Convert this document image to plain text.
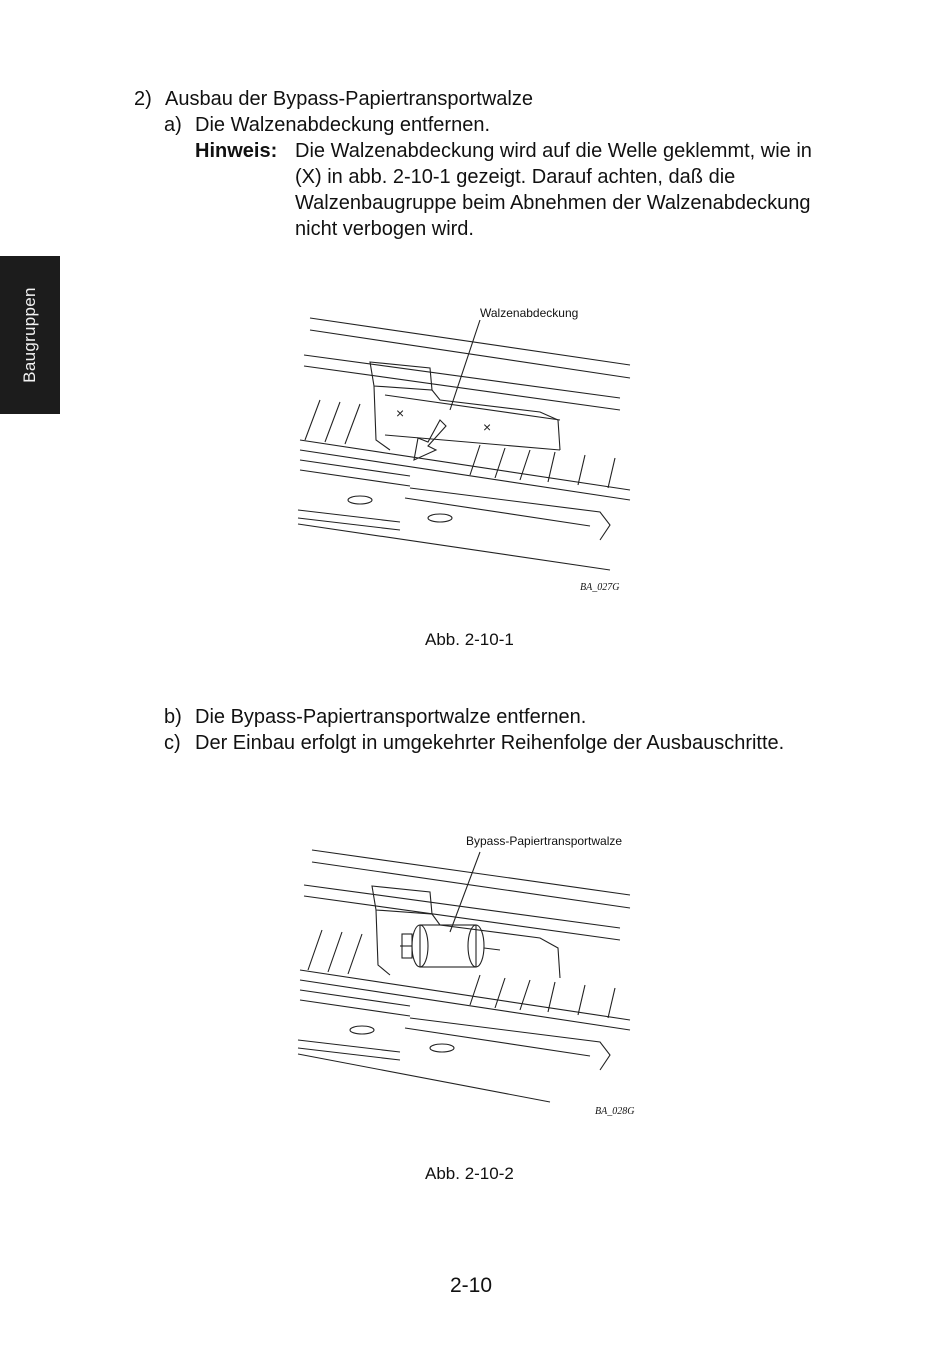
Baugruppen
2) Ausbau der Bypass-Papiertransportwalze
a) Die Walzenabdeckung entfernen.
Hinweis: Die Walzenabdeckung wird auf die Welle geklemmt, wie in
(X) in abb. 2-10-1 gezeigt. Darauf achten, daß die
Walzenbaugruppe beim Abnehmen der Walzenabdeckung
nicht verbogen wird.
×
×
Walzenabdeckung
BA_027G
Abb. 2-10-1
b) Die Bypass-Papiertransportwalze entfernen.
c) Der Einbau erfolgt in umgekehrter Reihenfolge der Ausbauschritte.
Bypass-Papiertransportwalze
BA_028G
Abb. 2-10-2
2-10
